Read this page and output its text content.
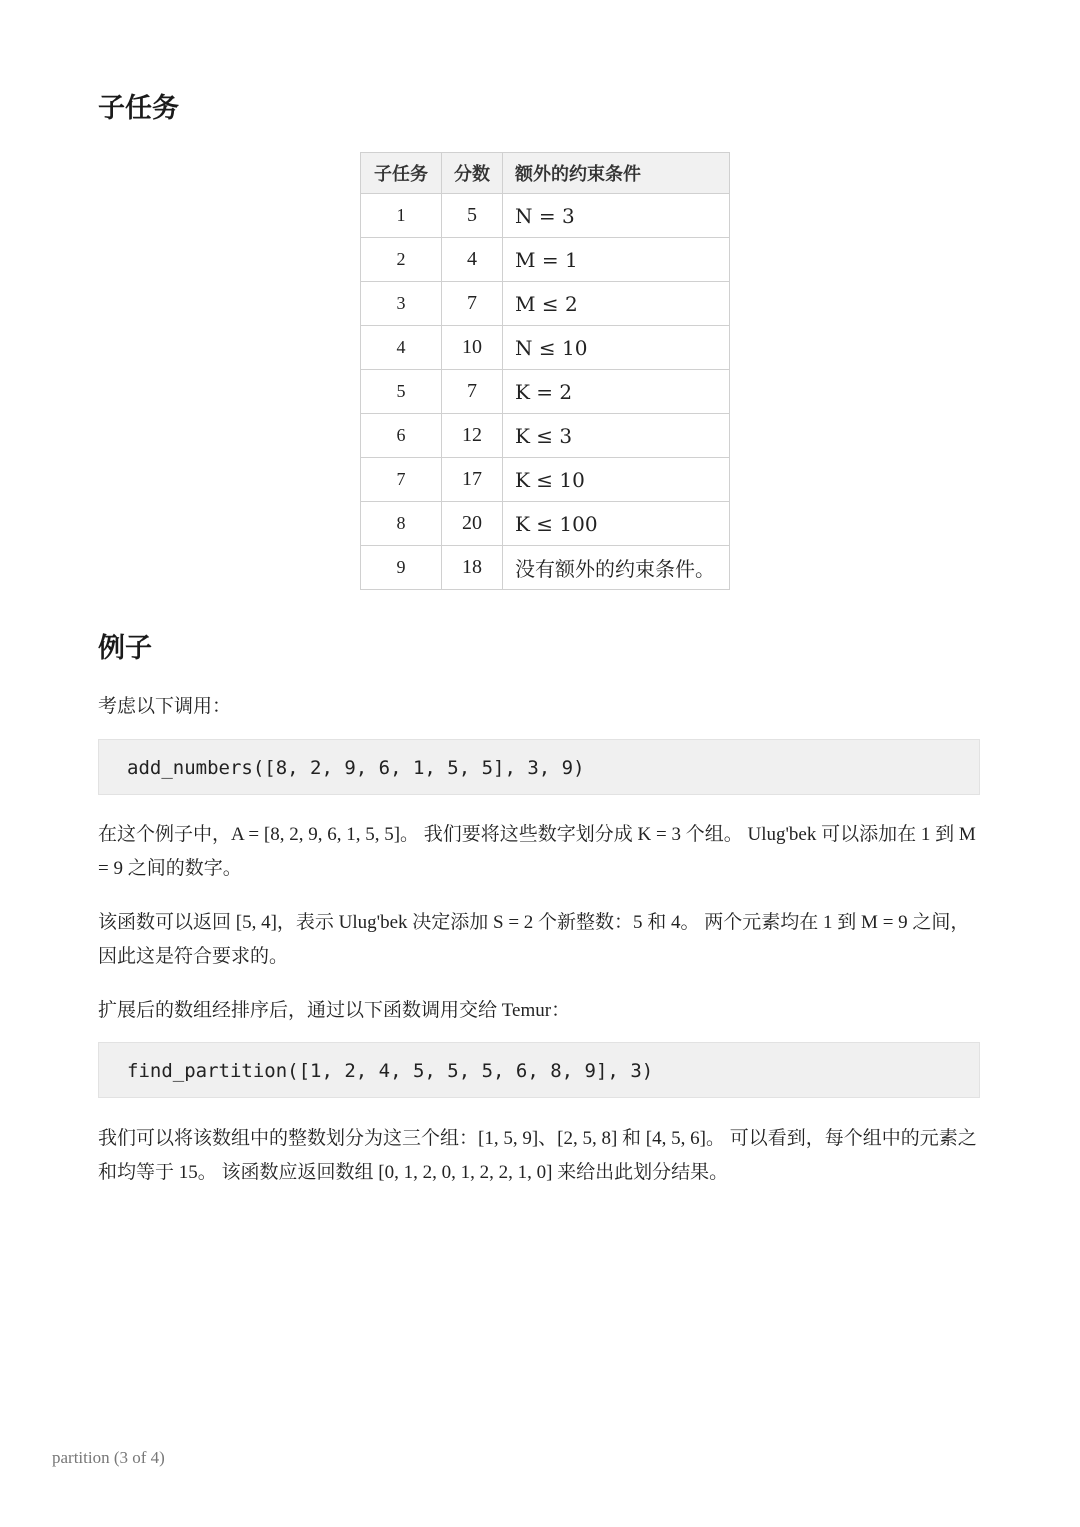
子任务
子任务	分数	额外的约束条件
1	5	N = 3
2	4	M = 1
3	7	M ≤ 2
4	10	N ≤ 10
5	7	K = 2
6	12	K ≤ 3
7	17	K ≤ 10
8	20	K ≤ 100
9	18	没有额外的约束条件。
例子

考虑以下调用：

add_numbers([8, 2, 9, 6, 1, 5, 5], 3, 9)

在这个例子中，A = [8, 2, 9, 6, 1, 5, 5]。 我们要将这些数字划分成 K = 3 个组。 Ulug'bek 可以添加在 1 到 M = 9 之间的数字。

该函数可以返回 [5, 4]，表示 Ulug'bek 决定添加 S = 2 个新整数：5 和 4。 两个元素均在 1 到 M = 9 之间，因此这是符合要求的。

扩展后的数组经排序后，通过以下函数调用交给 Temur：

find_partition([1, 2, 4, 5, 5, 5, 6, 8, 9], 3)

我们可以将该数组中的整数划分为这三个组：[1, 5, 9]、[2, 5, 8] 和 [4, 5, 6]。 可以看到，每个组中的元素之和均等于 15。 该函数应返回数组 [0, 1, 2, 0, 1, 2, 2, 1, 0] 来给出此划分结果。

partition (3 of 4)
